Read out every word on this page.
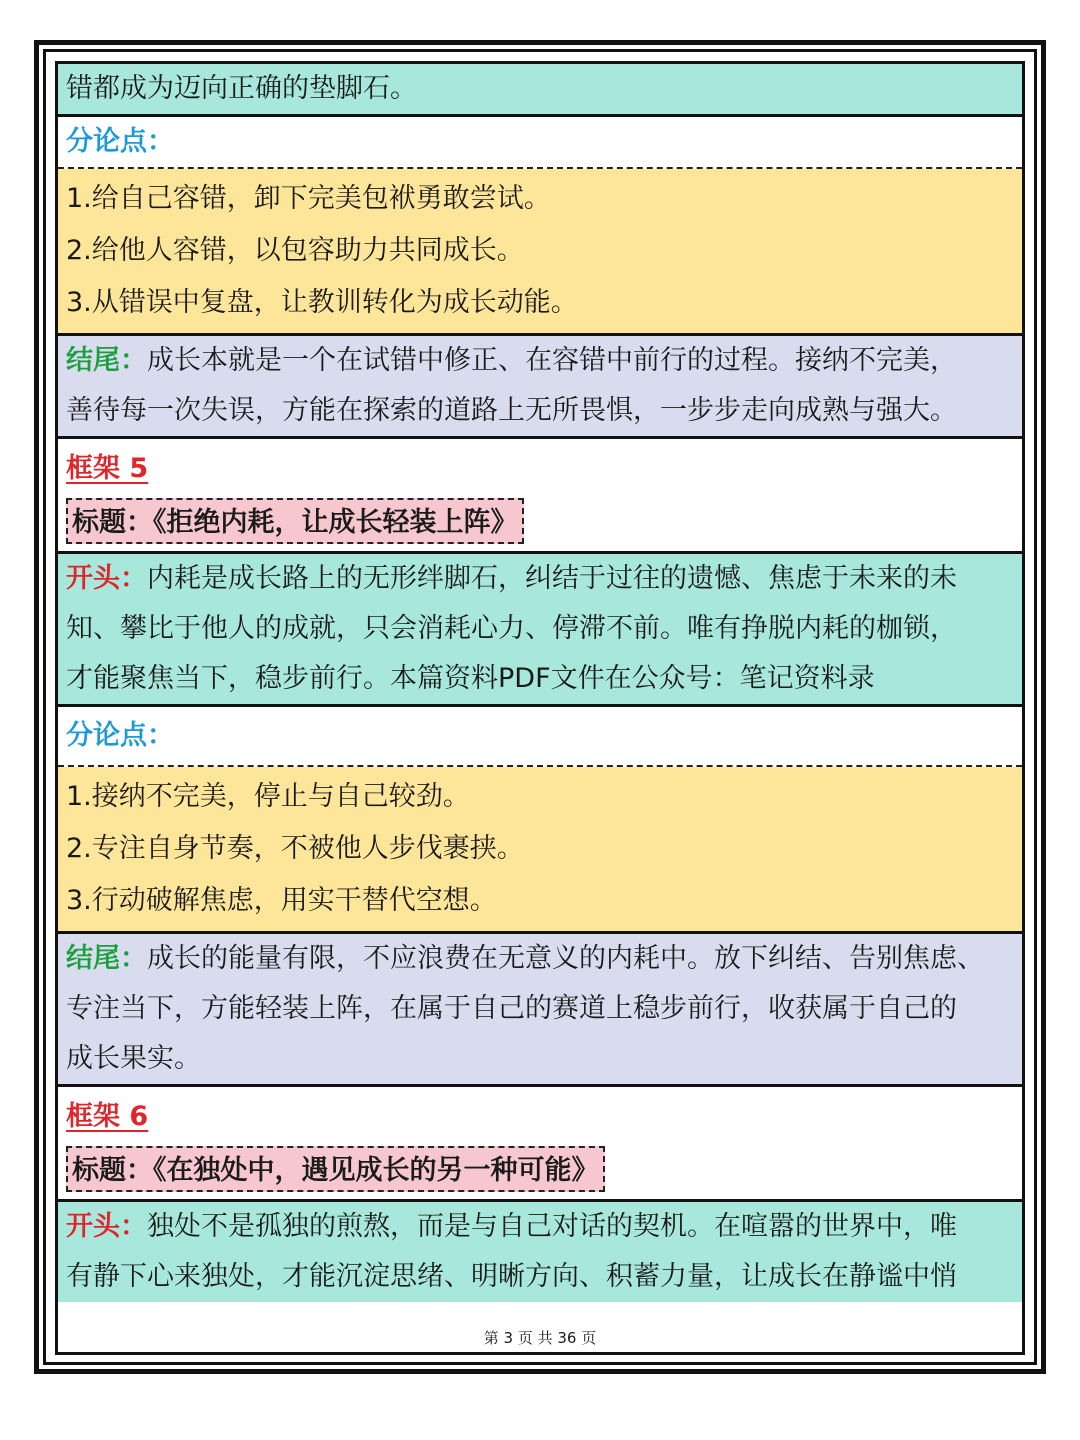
错都成为迈向正确的垫脚石。
分论点：
1.给自己容错，卸下完美包袱勇敢尝试。
2.给他人容错，以包容助力共同成长。
3.从错误中复盘，让教训转化为成长动能。
结尾：成长本就是一个在试错中修正、在容错中前行的过程。接纳不完美，
善待每一次失误，方能在探索的道路上无所畏惧，一步步走向成熟与强大。
框架 5
标题：《拒绝内耗，让成长轻装上阵》
开头：内耗是成长路上的无形绊脚石，纠结于过往的遗憾、焦虑于未来的未
知、攀比于他人的成就，只会消耗心力、停滞不前。唯有挣脱内耗的枷锁，
才能聚焦当下，稳步前行。本篇资料PDF文件在公众号：笔记资料录
分论点：
1.接纳不完美，停止与自己较劲。
2.专注自身节奏，不被他人步伐裹挟。
3.行动破解焦虑，用实干替代空想。
结尾：成长的能量有限，不应浪费在无意义的内耗中。放下纠结、告别焦虑、
专注当下，方能轻装上阵，在属于自己的赛道上稳步前行，收获属于自己的
成长果实。
框架 6
标题：《在独处中，遇见成长的另一种可能》
开头：独处不是孤独的煎熬，而是与自己对话的契机。在喧嚣的世界中，唯
有静下心来独处，才能沉淀思绪、明晰方向、积蓄力量，让成长在静谧中悄
第 3 页 共 36 页
